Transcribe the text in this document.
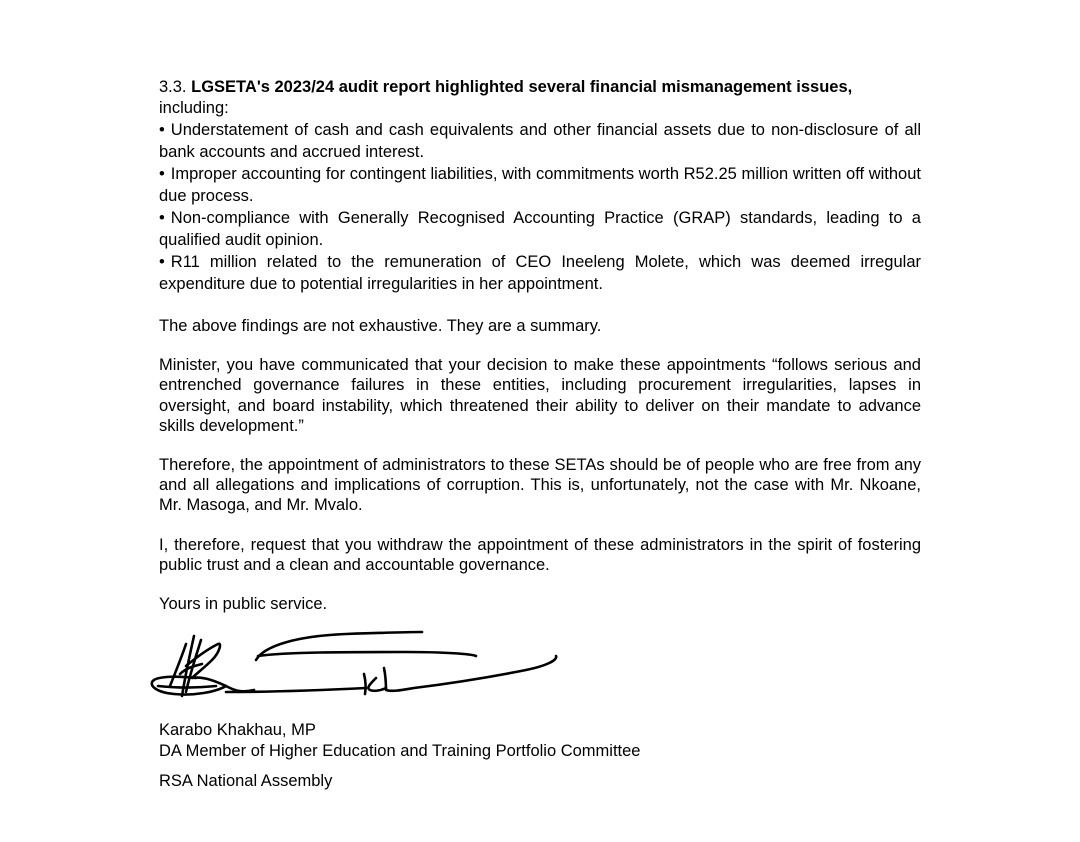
3.3. LGSETA's 2023/24 audit report highlighted several financial mismanagement issues,
including:

• Understatement of cash and cash equivalents and other financial assets due to non-disclosure of all bank accounts and accrued interest.
• Improper accounting for contingent liabilities, with commitments worth R52.25 million written off without due process.
• Non-compliance with Generally Recognised Accounting Practice (GRAP) standards, leading to a qualified audit opinion.
• R11 million related to the remuneration of CEO Ineeleng Molete, which was deemed irregular expenditure due to potential irregularities in her appointment.

The above findings are not exhaustive. They are a summary.

Minister, you have communicated that your decision to make these appointments “follows serious and entrenched governance failures in these entities, including procurement irregularities, lapses in oversight, and board instability, which threatened their ability to deliver on their mandate to advance skills development.”

Therefore, the appointment of administrators to these SETAs should be of people who are free from any and all allegations and implications of corruption. This is, unfortunately, not the case with Mr. Nkoane, Mr. Masoga, and Mr. Mvalo.

I, therefore, request that you withdraw the appointment of these administrators in the spirit of fostering public trust and a clean and accountable governance.

Yours in public service.

Karabo Khakhau, MP

DA Member of Higher Education and Training Portfolio Committee

RSA National Assembly
